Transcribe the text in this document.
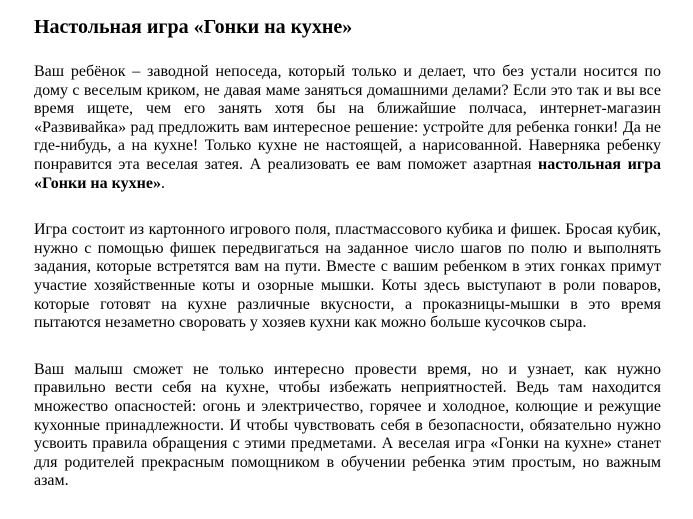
Настольная игра «Гонки на кухне»

Ваш ребёнок – заводной непоседа, который только и делает, что без устали носится по дому с веселым криком, не давая маме заняться домашними делами? Если это так и вы все время ищете, чем его занять хотя бы на ближайшие полчаса, интернет-магазин «Развивайка» рад предложить вам интересное решение: устройте для ребенка гонки! Да не где-нибудь, а на кухне! Только кухне не настоящей, а нарисованной. Наверняка ребенку понравится эта веселая затея. А реализовать ее вам поможет азартная настольная игра «Гонки на кухне».

Игра состоит из картонного игрового поля, пластмассового кубика и фишек. Бросая кубик, нужно с помощью фишек передвигаться на заданное число шагов по полю и выполнять задания, которые встретятся вам на пути. Вместе с вашим ребенком в этих гонках примут участие хозяйственные коты и озорные мышки. Коты здесь выступают в роли поваров, которые готовят на кухне различные вкусности, а проказницы-мышки в это время пытаются незаметно своровать у хозяев кухни как можно больше кусочков сыра.

Ваш малыш сможет не только интересно провести время, но и узнает, как нужно правильно вести себя на кухне, чтобы избежать неприятностей. Ведь там находится множество опасностей: огонь и электричество, горячее и холодное, колющие и режущие кухонные принадлежности. И чтобы чувствовать себя в безопасности, обязательно нужно усвоить правила обращения с этими предметами. А веселая игра «Гонки на кухне» станет для родителей прекрасным помощником в обучении ребенка этим простым, но важным азам.
